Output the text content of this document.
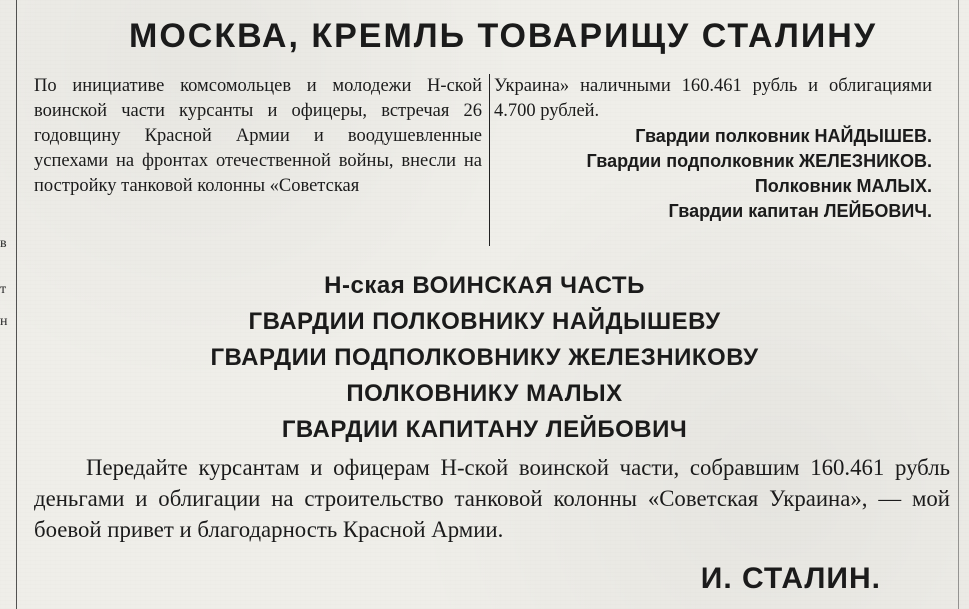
в
т
н
МОСКВА, КРЕМЛЬ ТОВАРИЩУ СТАЛИНУ
По инициативе комсомольцев и молодежи Н-ской воинской части курсанты и офицеры, встречая 26 годовщину Красной Армии и воодушевленные успехами на фронтах отечественной войны, внесли на постройку танковой колонны «Советская
Украина» наличными 160.461 рубль и облигациями 4.700 рублей.
Гвардии полковник НАЙДЫШЕВ.
Гвардии подполковник ЖЕЛЕЗНИКОВ.
Полковник МАЛЫХ.
Гвардии капитан ЛЕЙБОВИЧ.
Н-ская ВОИНСКАЯ ЧАСТЬ
ГВАРДИИ ПОЛКОВНИКУ НАЙДЫШЕВУ
ГВАРДИИ ПОДПОЛКОВНИКУ ЖЕЛЕЗНИКОВУ
ПОЛКОВНИКУ МАЛЫХ
ГВАРДИИ КАПИТАНУ ЛЕЙБОВИЧ

Передайте курсантам и офицерам Н-ской воинской части, собравшим 160.461 рубль деньгами и облигации на строительство танковой колонны «Советская Украина», — мой боевой привет и благодарность Красной Армии.

И. СТАЛИН.
